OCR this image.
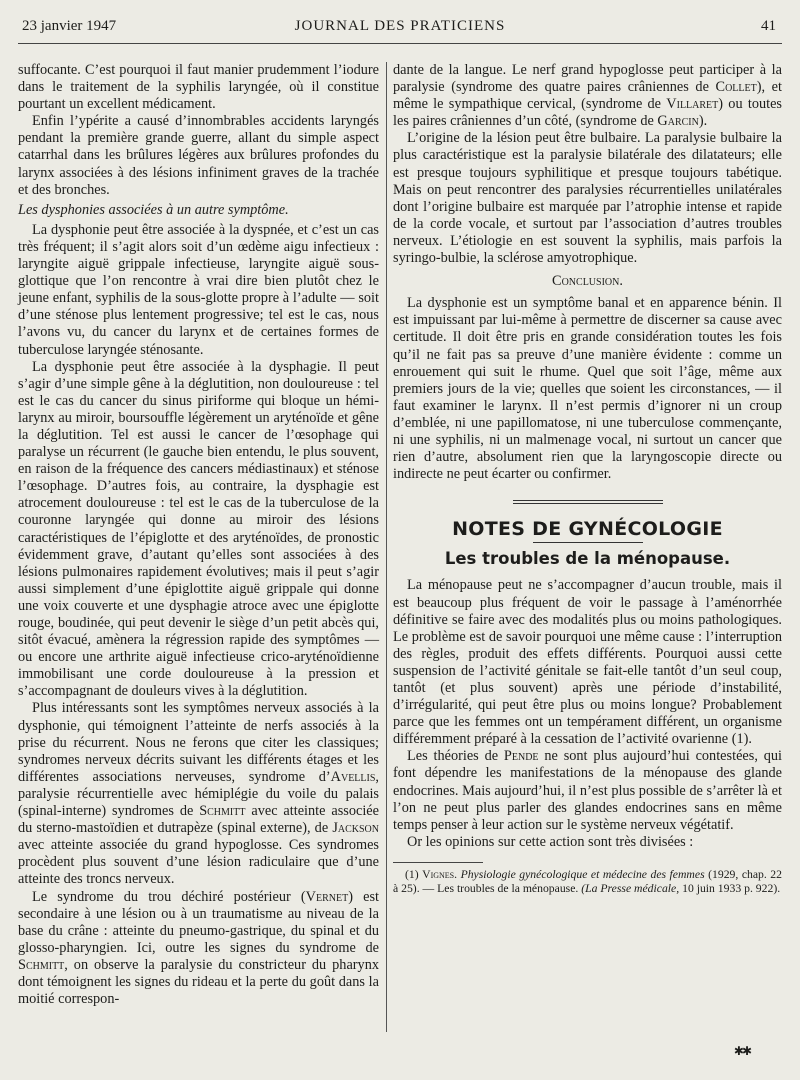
23 janvier 1947	JOURNAL DES PRATICIENS	41

suffocante. C’est pourquoi il faut manier prudemment l’iodure dans le traitement de la syphilis laryngée, où il constitue pourtant un excellent médicament.

Enfin l’ypérite a causé d’innombrables accidents laryngés pendant la première grande guerre, allant du simple aspect catarrhal dans les brûlures légères aux brûlures profondes du larynx associées à des lésions infiniment graves de la trachée et des bronches.

Les dysphonies associées à un autre symptôme.

La dysphonie peut être associée à la dyspnée, et c’est un cas très fréquent; il s’agit alors soit d’un œdème aigu infectieux : laryngite aiguë grippale infectieuse, laryngite aiguë sous-glottique que l’on rencontre à vrai dire bien plutôt chez le jeune enfant, syphilis de la sous-glotte propre à l’adulte — soit d’une sténose plus lentement progressive; tel est le cas, nous l’avons vu, du cancer du larynx et de certaines formes de tuberculose laryngée sténosante.

La dysphonie peut être associée à la dysphagie. Il peut s’agir d’une simple gêne à la déglutition, non douloureuse : tel est le cas du cancer du sinus piriforme qui bloque un hémi-larynx au miroir, boursouffle légèrement un aryténoïde et gêne la déglutition. Tel est aussi le cancer de l’œsophage qui paralyse un récurrent (le gauche bien entendu, le plus souvent, en raison de la fréquence des cancers médiastinaux) et sténose l’œsophage. D’autres fois, au contraire, la dysphagie est atrocement douloureuse : tel est le cas de la tuberculose de la couronne laryngée qui donne au miroir des lésions caractéristiques de l’épiglotte et des aryténoïdes, de pronostic évidemment grave, d’autant qu’elles sont associées à des lésions pulmonaires rapidement évolutives; mais il peut s’agir aussi simplement d’une épiglottite aiguë grippale qui donne une voix couverte et une dysphagie atroce avec une épiglotte rouge, boudinée, qui peut devenir le siège d’un petit abcès qui, sitôt évacué, amènera la régression rapide des symptômes — ou encore une arthrite aiguë infectieuse crico-aryténoïdienne immobilisant une corde douloureuse à la pression et s’accompagnant de douleurs vives à la déglutition.

Plus intéressants sont les symptômes nerveux associés à la dysphonie, qui témoignent l’atteinte de nerfs associés à la prise du récurrent. Nous ne ferons que citer les classiques; syndromes nerveux décrits suivant les différents étages et les différentes associations nerveuses, syndrome d’Avellis, paralysie récurrentielle avec hémiplégie du voile du palais (spinal-interne) syndromes de Schmitt avec atteinte associée du sterno-mastoïdien et dutrapèze (spinal externe), de Jackson avec atteinte associée du grand hypoglosse. Ces syndromes procèdent plus souvent d’une lésion radiculaire que d’une atteinte des troncs nerveux.

Le syndrome du trou déchiré postérieur (Vernet) est secondaire à une lésion ou à un traumatisme au niveau de la base du crâne : atteinte du pneumo-gastrique, du spinal et du glosso-pharyngien. Ici, outre les signes du syndrome de Schmitt, on observe la paralysie du constricteur du pharynx dont témoignent les signes du rideau et la perte du goût dans la moitié correspon-

dante de la langue. Le nerf grand hypoglosse peut participer à la paralysie (syndrome des quatre paires crâniennes de Collet), et même le sympathique cervical, (syndrome de Villaret) ou toutes les paires crâniennes d’un côté, (syndrome de Garcin).

L’origine de la lésion peut être bulbaire. La paralysie bulbaire la plus caractéristique est la paralysie bilatérale des dilatateurs; elle est presque toujours syphilitique et presque toujours tabétique. Mais on peut rencontrer des paralysies récurrentielles unilatérales dont l’origine bulbaire est marquée par l’atrophie intense et rapide de la corde vocale, et surtout par l’association d’autres troubles nerveux. L’étiologie en est souvent la syphilis, mais parfois la syringo-bulbie, la sclérose amyotrophique.

Conclusion.

La dysphonie est un symptôme banal et en apparence bénin. Il est impuissant par lui-même à permettre de discerner sa cause avec certitude. Il doit être pris en grande considération toutes les fois qu’il ne fait pas sa preuve d’une manière évidente : comme un enrouement qui suit le rhume. Quel que soit l’âge, même aux premiers jours de la vie; quelles que soient les circonstances, — il faut examiner le larynx. Il n’est permis d’ignorer ni un croup d’emblée, ni une papillomatose, ni une tuberculose commençante, ni une syphilis, ni un malmenage vocal, ni surtout un cancer que rien d’autre, absolument rien que la laryngoscopie directe ou indirecte ne peut écarter ou confirmer.

NOTES DE GYNÉCOLOGIE
Les troubles de la ménopause.

La ménopause peut ne s’accompagner d’aucun trouble, mais il est beaucoup plus fréquent de voir le passage à l’aménorrhée définitive se faire avec des modalités plus ou moins pathologiques. Le problème est de savoir pourquoi une même cause : l’interruption des règles, produit des effets différents. Pourquoi aussi cette suspension de l’activité génitale se fait-elle tantôt d’un seul coup, tantôt (et plus souvent) après une période d’instabilité, d’irrégularité, qui peut être plus ou moins longue? Probablement parce que les femmes ont un tempérament différent, un organisme différemment préparé à la cessation de l’activité ovarienne (1).

Les théories de Pende ne sont plus aujourd’hui contestées, qui font dépendre les manifestations de la ménopause des glande endocrines. Mais aujourd’hui, il n’est plus possible de s’arrêter là et l’on ne peut plus parler des glandes endocrines sans en même temps penser à leur action sur le système nerveux végétatif.

Or les opinions sur cette action sont très divisées :

(1) Vignes. Physiologie gynécologique et médecine des femmes (1929, chap. 22 à 25). — Les troubles de la ménopause. (La Presse médicale, 10 juin 1933 p. 922).

✱✱
